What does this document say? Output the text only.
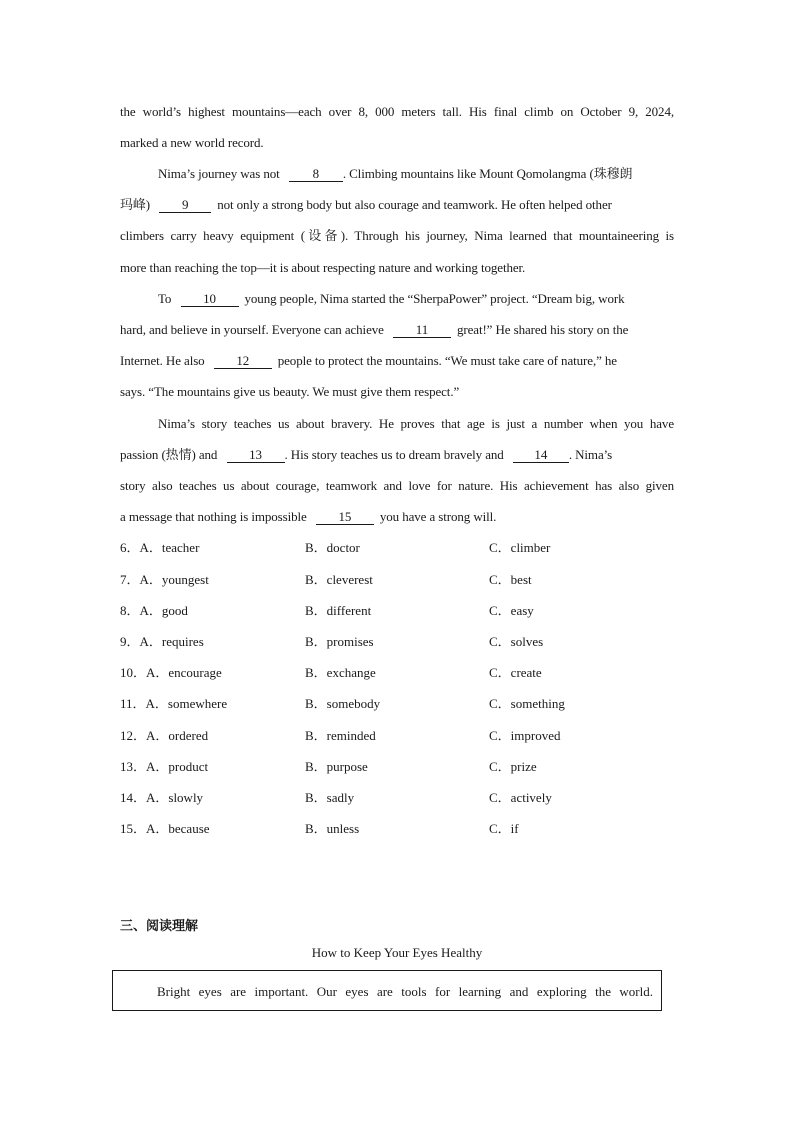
the world’s highest mountains—each over 8, 000 meters tall. His final climb on October 9, 2024,
marked a new world record.
Nima’s journey was not	8 . Climbing mountains like Mount Qomolangma (珠穆朗
玛峰) 9 not only a strong body but also courage and teamwork. He often helped other
climbers carry heavy equipment (设备). Through his journey, Nima learned that mountaineering is
more than reaching the top—it is about respecting nature and working together.
To 10 young people, Nima started the “SherpaPower” project. “Dream big, work
hard, and believe in yourself. Everyone can achieve 11 great!” He shared his story on the
Internet. He also 12 people to protect the mountains. “We must take care of nature,” he
says. “The mountains give us beauty. We must give them respect.”
Nima’s story teaches us about bravery. He proves that age is just a number when you have
passion (热情) and 13 . His story teaches us to dream bravely and 14 . Nima’s
story also teaches us about courage, teamwork and love for nature. His achievement has also given
a message that nothing is impossible 15 you have a strong will.
6．A．teacher	B．doctor	C．climber
7．A．youngest	B．cleverest	C．best
8．A．good	B．different	C．easy
9．A．requires	B．promises	C．solves
10．A．encourage	B．exchange	C．create
11．A．somewhere	B．somebody	C．something
12．A．ordered	B．reminded	C．improved
13．A．product	B．purpose	C．prize
14．A．slowly	B．sadly	C．actively
15．A．because	B．unless	C．if
三、阅读理解
How to Keep Your Eyes Healthy
Bright eyes are important. Our eyes are tools for learning and exploring the world.
